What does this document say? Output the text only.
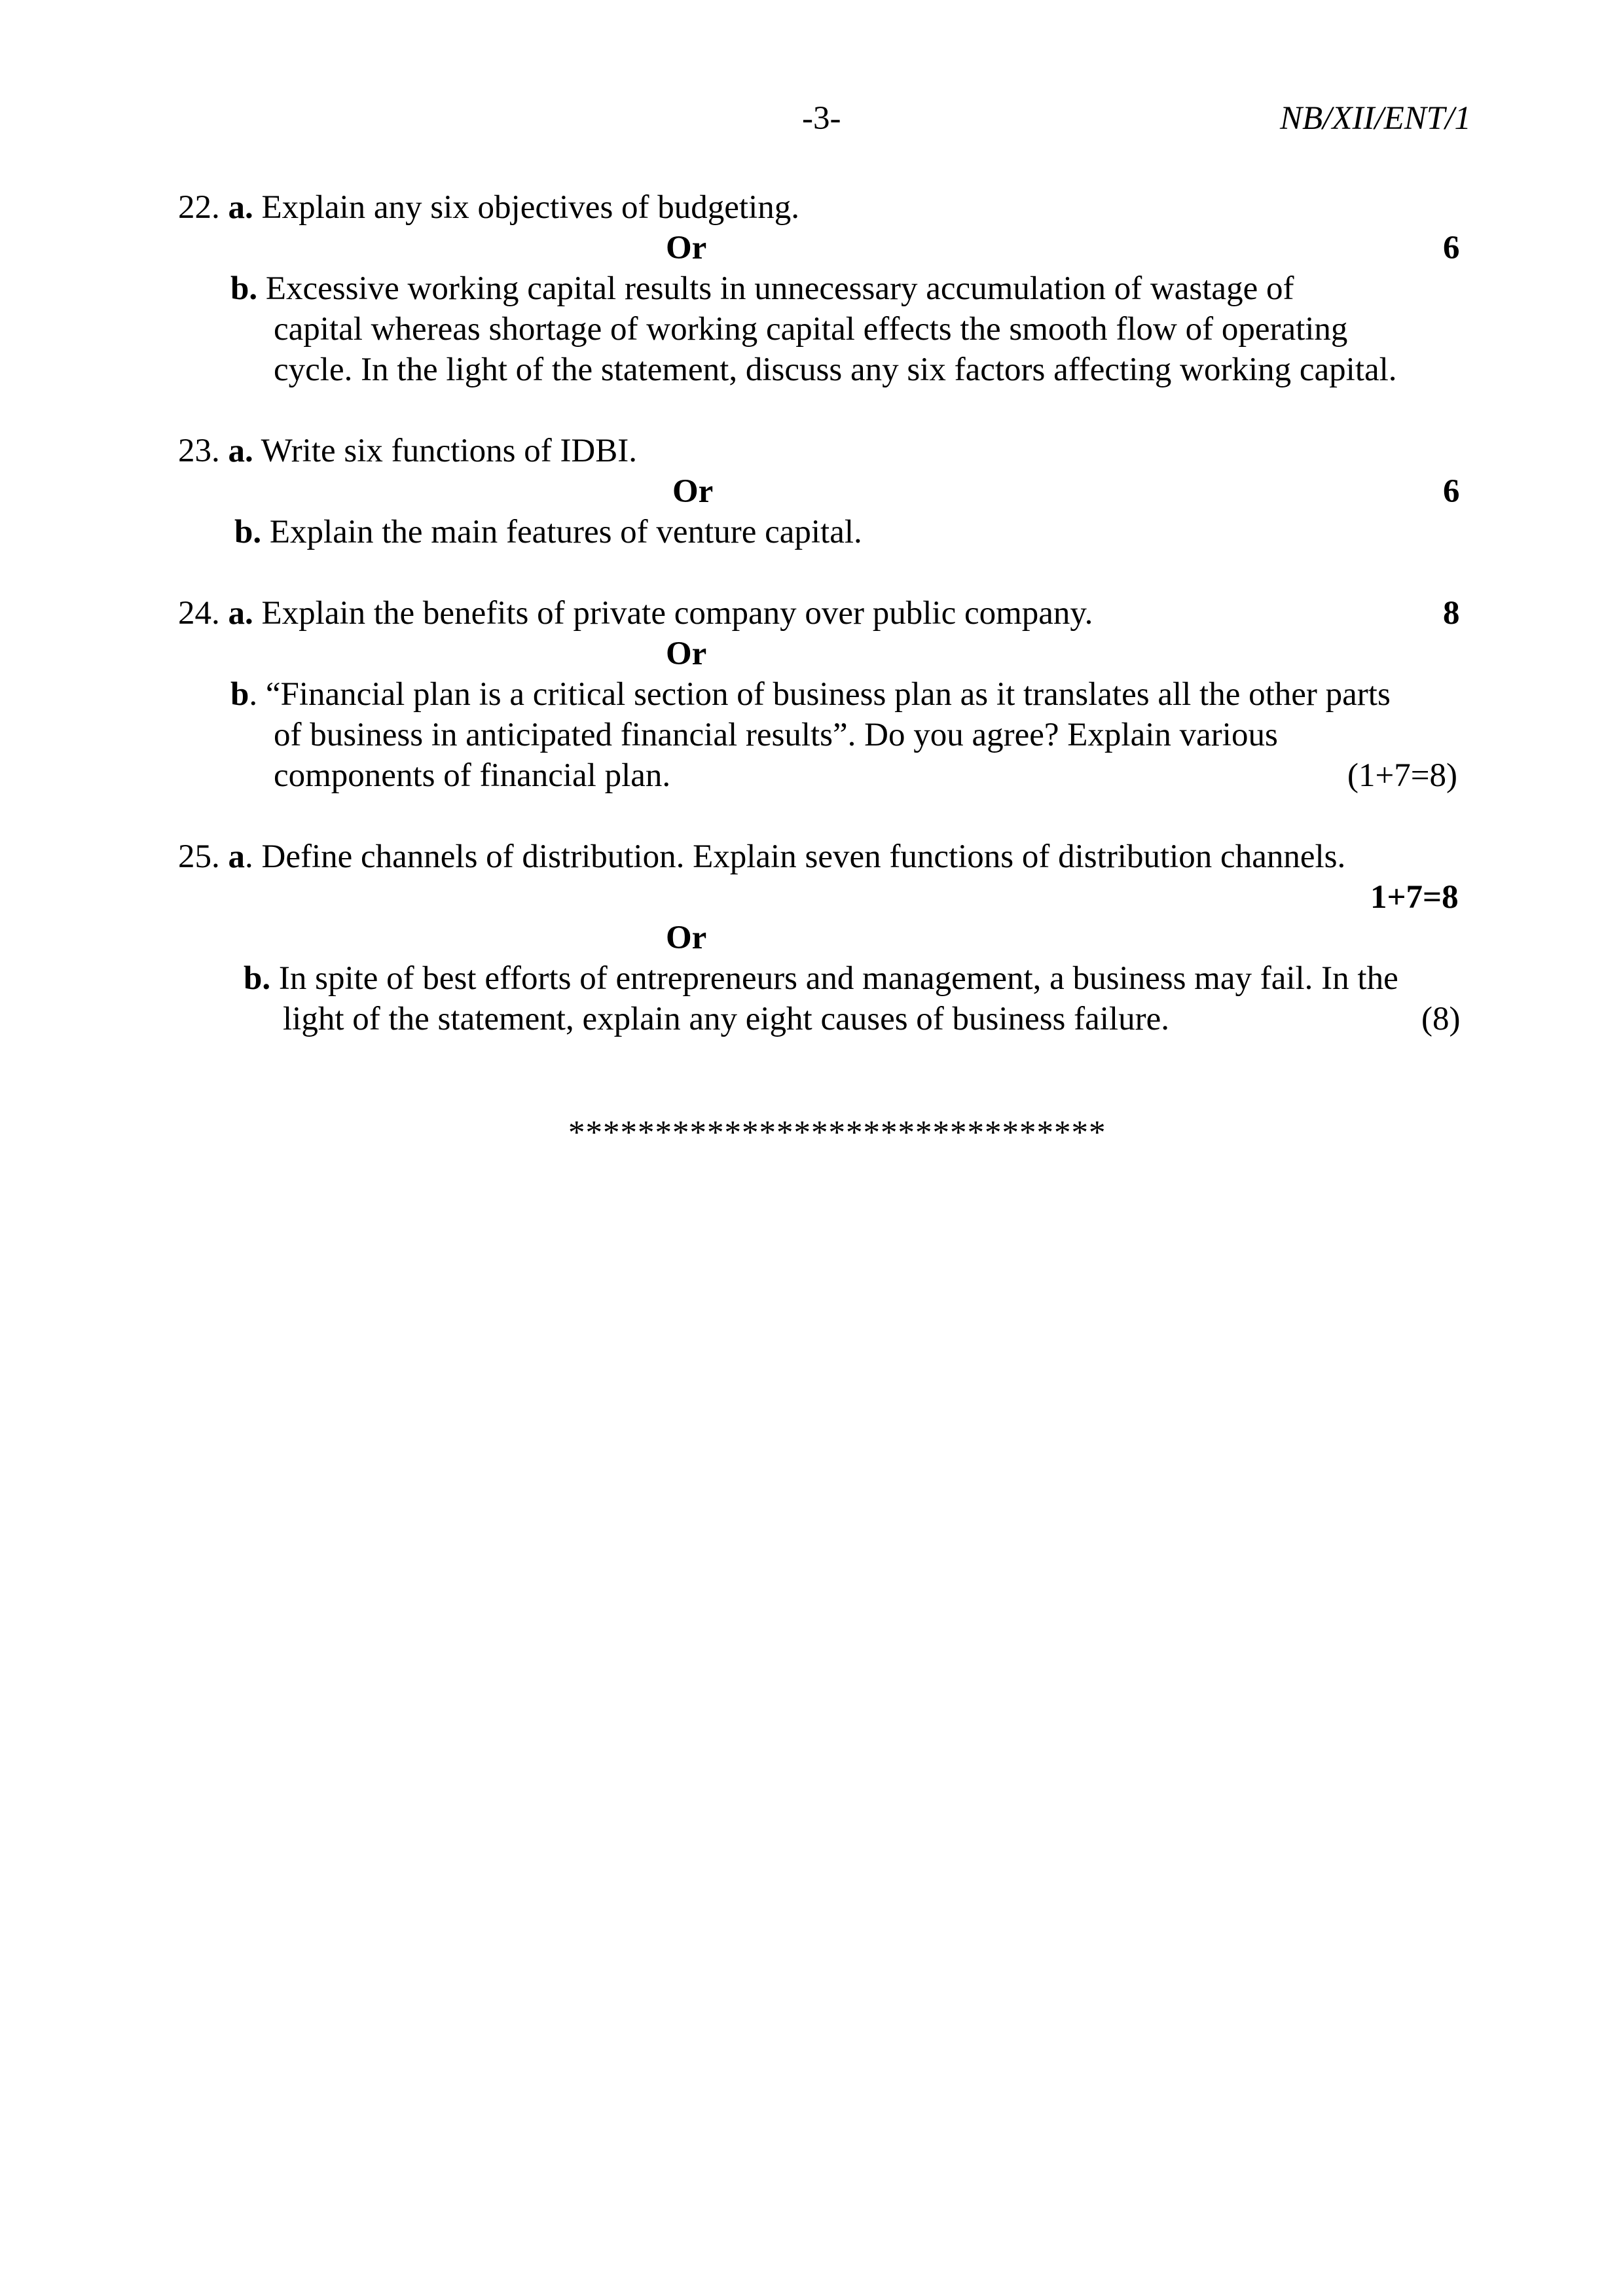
-3-	NB/XII/ENT/1
22. a. Explain any six objectives of budgeting.
Or	6
b. Excessive working capital results in unnecessary accumulation of wastage of
capital whereas shortage of working capital effects the smooth flow of operating
cycle. In the light of the statement, discuss any six factors affecting working capital.
23. a. Write six functions of IDBI.
Or	6
b. Explain the main features of venture capital.
24. a. Explain the benefits of private company over public company.	8
Or
b. “Financial plan is a critical section of business plan as it translates all the other parts
of business in anticipated financial results”. Do you agree? Explain various
components of financial plan.	(1+7=8)
25. a. Define channels of distribution. Explain seven functions of distribution channels.
1+7=8
Or
b. In spite of best efforts of entrepreneurs and management, a business may fail. In the
light of the statement, explain any eight causes of business failure.	(8)
*******************************
